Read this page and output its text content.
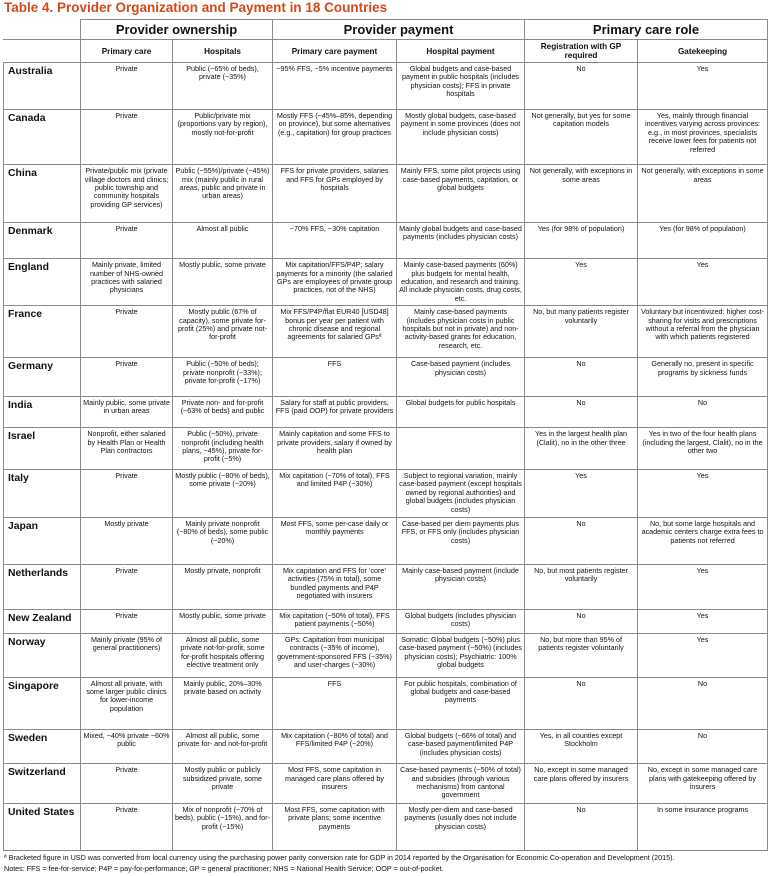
Table 4. Provider Organization and Payment in 18 Countries
	Provider ownership		Provider payment		Primary care role	
	Primary care	Hospitals	Primary care payment	Hospital payment	Registration with GP required	Gatekeeping
Australia	Private	Public (~65% of beds), private (~35%)	~95% FFS, ~5% incentive payments	Global budgets and case-based payment in public hospitals (includes physician costs); FFS in private hospitals	No	Yes
Canada	Private	Public/private mix (proportions vary by region), mostly not-for-profit	Mostly FFS (~45%–85%, depending on province), but some alternatives (e.g., capitation) for group practices	Mostly global budgets, case-based payment in some provinces (does not include physician costs)	Not generally, but yes for some capitation models	Yes, mainly through financial incentives varying across provinces: e.g., in most provinces, specialists receive lower fees for patients not referred
China	Private/public mix (private village doctors and clinics; public township and community hospitals providing GP services)	Public (~55%)/private (~45%) mix (mainly public in rural areas, public and private in urban areas)	FFS for private providers, salaries and FFS for GPs employed by hospitals	Mainly FFS, some pilot projects using case-based payments, capitation, or global budgets	Not generally, with exceptions in some areas	Not generally, with exceptions in some areas
Denmark	Private	Almost all public	~70% FFS, ~30% capitation	Mainly global budgets and case-based payments (includes physician costs)	Yes (for 98% of population)	Yes (for 98% of population)
England	Mainly private, limited number of NHS-owned practices with salaried physicians	Mostly public, some private	Mix capitation/FFS/P4P; salary payments for a minority (the salaried GPs are employees of private group practices, not of the NHS)	Mainly case-based payments (60%) plus budgets for mental health, education, and research and training. All include physician costs, drug costs, etc.	Yes	Yes
France	Private	Mostly public (67% of capacity), some private for-profit (25%) and private not-for-profit	Mix FFS/P4P/flat EUR40 [USD48] bonus per year per patient with chronic disease and regional agreements for salaried GPsª	Mainly case-based payments (includes physician costs in public hospitals but not in private) and non-activity-based grants for education, research, etc.	No, but many patients register voluntarily	Voluntary but incentivized: higher cost-sharing for visits and prescriptions without a referral from the physician with which patients registered
Germany	Private	Public (~50% of beds); private nonprofit (~33%); private for-profit (~17%)	FFS	Case-based payment (includes physician costs)	No	Generally no, present in specific programs by sickness funds
India	Mainly public, some private in urban areas	Private non- and for-profit (~63% of beds) and public	Salary for staff at public providers, FFS (paid OOP) for private providers	Global budgets for public hospitals	No	No
Israel	Nonprofit, either salaried by Health Plan or Health Plan contractors	Public (~50%), private nonprofit (including health plans, ~45%), private for-profit (~5%)	Mainly capitation and some FFS to private providers, salary if owned by health plan		Yes in the largest health plan (Clalit), no in the other three	Yes in two of the four health plans (including the largest, Clalit), no in the other two
Italy	Private	Mostly public (~80% of beds), some private (~20%)	Mix capitation (~70% of total), FFS and limited P4P (~30%)	Subject to regional variation, mainly case-based payment (except hospitals owned by regional authorities) and global budgets (includes physician costs)	Yes	Yes
Japan	Mostly private	Mainly private nonprofit (~80% of beds), some public (~20%)	Most FFS, some per-case daily or monthly payments	Case-based per diem payments plus FFS, or FFS only (includes physician costs)	No	No, but some large hospitals and academic centers charge extra fees to patients not referred
Netherlands	Private	Mostly private, nonprofit	Mix capitation and FFS for ‘core’ activities (75% in total), some bundled payments and P4P negotiated with insurers	Mainly case-based payment (include physician costs)	No, but most patients register voluntarily	Yes
New Zealand	Private	Mostly public, some private	Mix capitation (~50% of total), FFS patient payments (~50%)	Global budgets (includes physician costs)	No	Yes
Norway	Mainly private (95% of general practitioners)	Almost all public, some private not-for-profit, some for-profit hospitals offering elective treatment only	GPs: Capitation from municipal contracts (~35% of income), government-sponsored FFS (~35%) and user-charges (~30%)	Somatic: Global budgets (~50%) plus case-based payment (~50%) (includes physician costs); Psychiatric: 100% global budgets	No, but more than 95% of patients register voluntarily	Yes
Singapore	Almost all private, with some larger public clinics for lower-income population	Mainly public, 20%–30% private based on activity	FFS	For public hospitals, combination of global budgets and case-based payments	No	No
Sweden	Mixed, ~40% private ~60% public	Almost all public, some private for- and not-for-profit	Mix capitation (~80% of total) and FFS/limited P4P (~20%)	Global budgets (~66% of total) and case-based payment/limited P4P (includes physician costs)	Yes, in all counties except Stockholm	No
Switzerland	Private	Mostly public or publicly subsidized private, some private	Most FFS, some capitation in managed care plans offered by insurers	Case-based payments (~50% of total) and subsidies (through various mechanisms) from cantonal government	No, except in some managed care plans offered by insurers	No, except in some managed care plans with gatekeeping offered by insurers
United States	Private	Mix of nonprofit (~70% of beds), public (~15%), and for-profit (~15%)	Most FFS, some capitation with private plans; some incentive payments	Mostly per-diem and case-based payments (usually does not include physician costs)	No	In some insurance programs
ª Bracketed figure in USD was converted from local currency using the purchasing power parity conversion rate for GDP in 2014 reported by the Organisation for Economic Co-operation and Development (2015).
Notes: FFS = fee-for-service; P4P = pay-for-performance; GP = general practitioner; NHS = National Health Service; OOP = out-of-pocket.
